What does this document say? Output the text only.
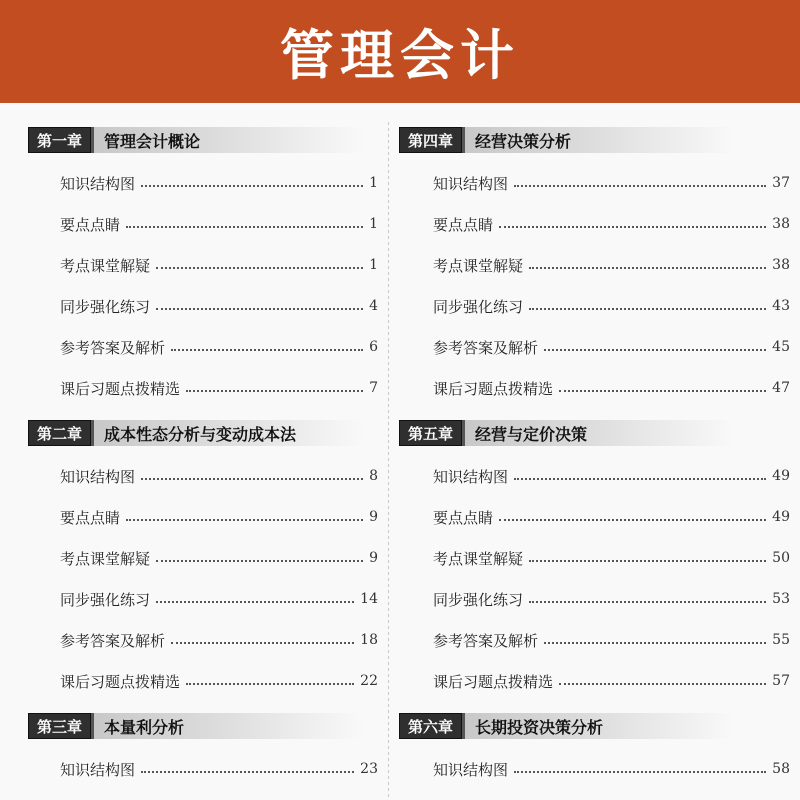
管理会计
第一章	管理会计概论
知识结构图	1
要点点睛	1
考点课堂解疑	1
同步强化练习	4
参考答案及解析	6
课后习题点拨精选	7
第二章	成本性态分析与变动成本法
知识结构图	8
要点点睛	9
考点课堂解疑	9
同步强化练习	14
参考答案及解析	18
课后习题点拨精选	22
第三章	本量利分析
知识结构图	23
第四章	经营决策分析
知识结构图	37
要点点睛	38
考点课堂解疑	38
同步强化练习	43
参考答案及解析	45
课后习题点拨精选	47
第五章	经营与定价决策
知识结构图	49
要点点睛	49
考点课堂解疑	50
同步强化练习	53
参考答案及解析	55
课后习题点拨精选	57
第六章	长期投资决策分析
知识结构图	58
